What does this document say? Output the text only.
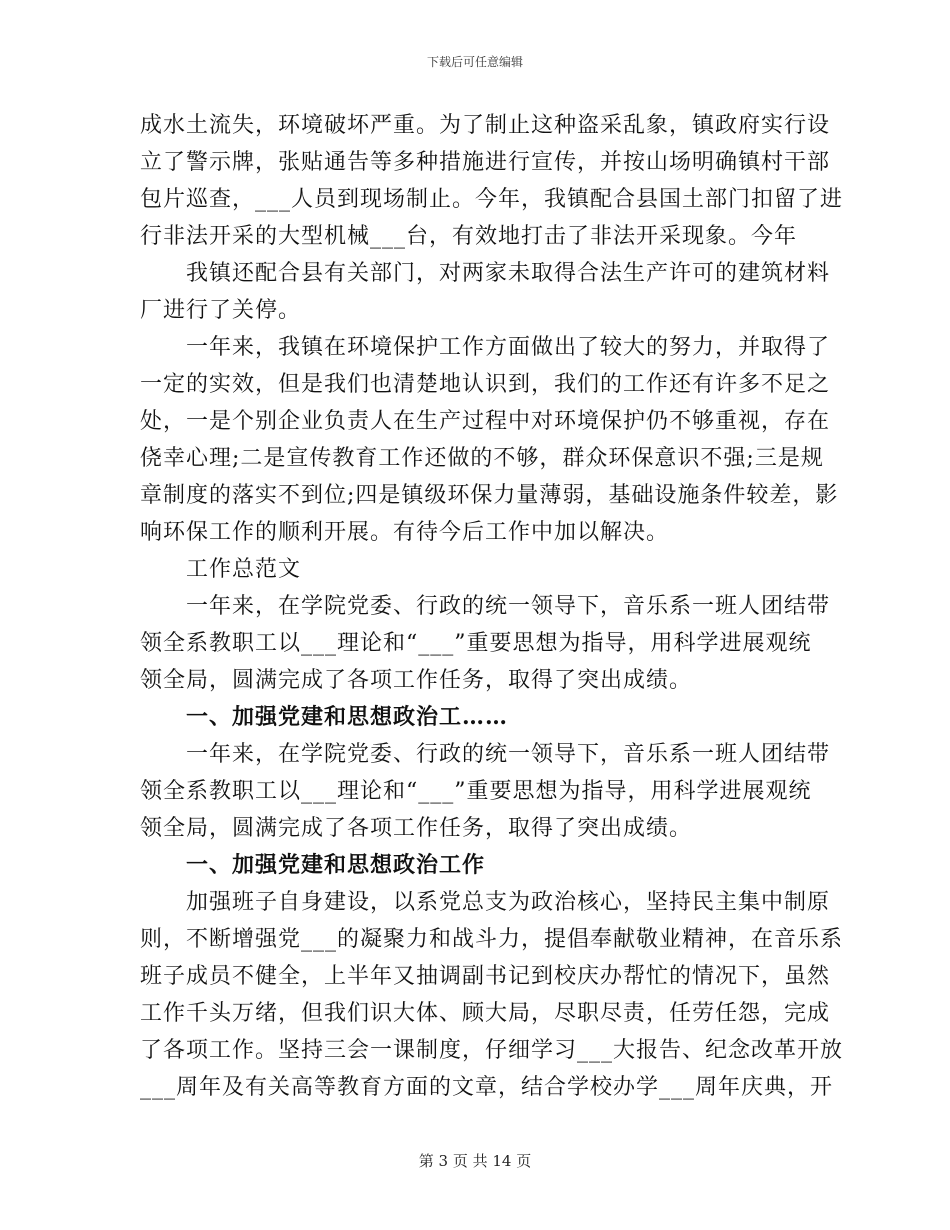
下载后可任意编辑
成水土流失，环境破坏严重。为了制止这种盗采乱象，镇政府实行设
立了警示牌，张贴通告等多种措施进行宣传，并按山场明确镇村干部
包片巡查，___人员到现场制止。今年，我镇配合县国土部门扣留了进
行非法开采的大型机械___台，有效地打击了非法开采现象。今年
我镇还配合县有关部门，对两家未取得合法生产许可的建筑材料
厂进行了关停。
一年来，我镇在环境保护工作方面做出了较大的努力，并取得了
一定的实效，但是我们也清楚地认识到，我们的工作还有许多不足之
处，一是个别企业负责人在生产过程中对环境保护仍不够重视，存在
侥幸心理;二是宣传教育工作还做的不够，群众环保意识不强;三是规
章制度的落实不到位;四是镇级环保力量薄弱，基础设施条件较差，影
响环保工作的顺利开展。有待今后工作中加以解决。
工作总范文
一年来，在学院党委、行政的统一领导下，音乐系一班人团结带
领全系教职工以___理论和“___”重要思想为指导，用科学进展观统
领全局，圆满完成了各项工作任务，取得了突出成绩。
一、加强党建和思想政治工……
一年来，在学院党委、行政的统一领导下，音乐系一班人团结带
领全系教职工以___理论和“___”重要思想为指导，用科学进展观统
领全局，圆满完成了各项工作任务，取得了突出成绩。
一、加强党建和思想政治工作
加强班子自身建设，以系党总支为政治核心，坚持民主集中制原
则，不断增强党___的凝聚力和战斗力，提倡奉献敬业精神，在音乐系
班子成员不健全，上半年又抽调副书记到校庆办帮忙的情况下，虽然
工作千头万绪，但我们识大体、顾大局，尽职尽责，任劳任怨，完成
了各项工作。坚持三会一课制度，仔细学习___大报告、纪念改革开放
___周年及有关高等教育方面的文章，结合学校办学___周年庆典，开
第 3 页 共 14 页
